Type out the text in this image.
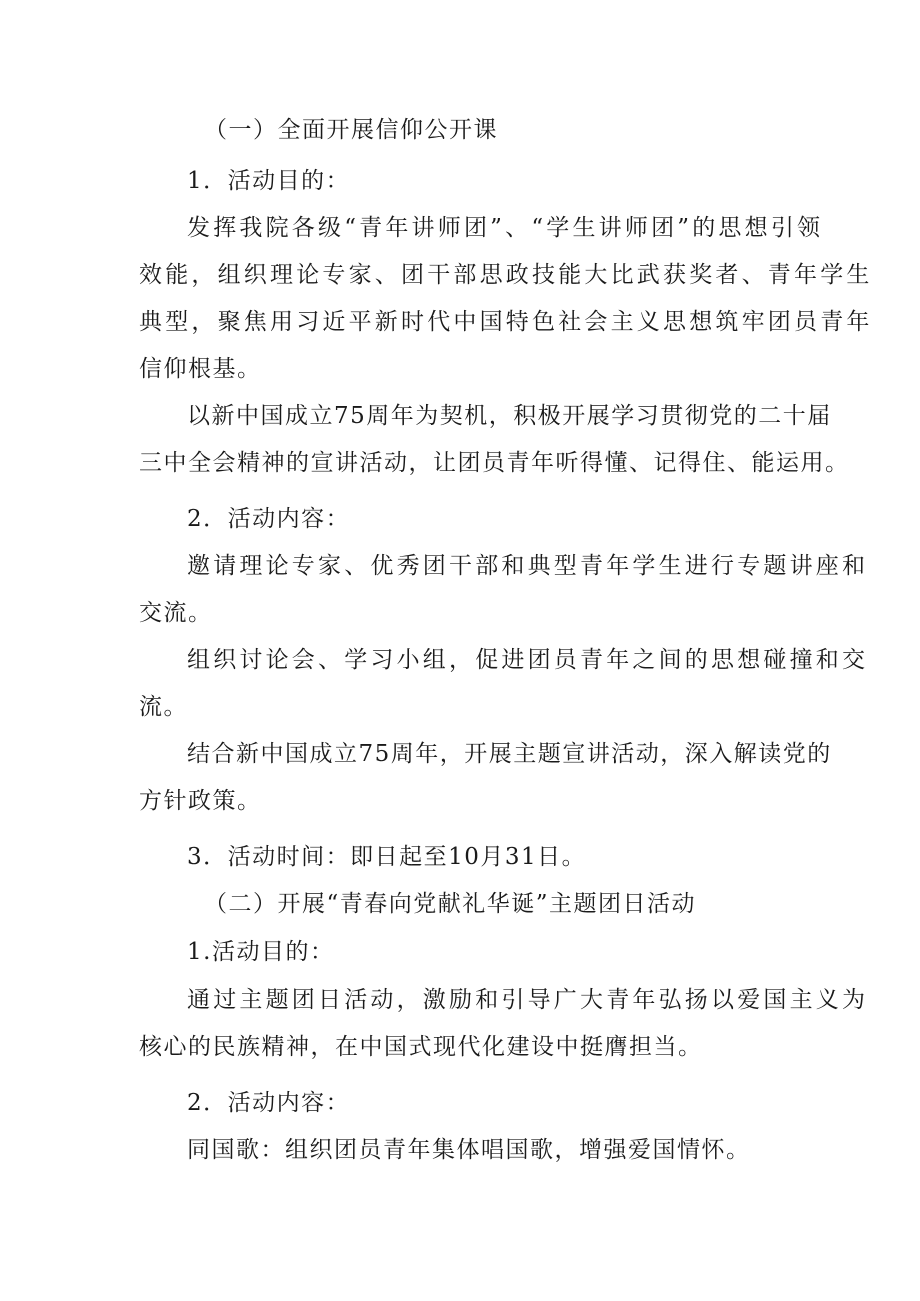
（一）全面开展信仰公开课
1．活动目的：
发挥我院各级“青年讲师团”、“学生讲师团”的思想引领
效能，组织理论专家、团干部思政技能大比武获奖者、青年学生
典型，聚焦用习近平新时代中国特色社会主义思想筑牢团员青年
信仰根基。
以新中国成立75周年为契机，积极开展学习贯彻党的二十届
三中全会精神的宣讲活动，让团员青年听得懂、记得住、能运用。
2．活动内容：
邀请理论专家、优秀团干部和典型青年学生进行专题讲座和
交流。
组织讨论会、学习小组，促进团员青年之间的思想碰撞和交
流。
结合新中国成立75周年，开展主题宣讲活动，深入解读党的
方针政策。
3．活动时间：即日起至10月31日。
（二）开展“青春向党献礼华诞”主题团日活动
1.活动目的：
通过主题团日活动，激励和引导广大青年弘扬以爱国主义为
核心的民族精神，在中国式现代化建设中挺膺担当。
2．活动内容：
同国歌：组织团员青年集体唱国歌，增强爱国情怀。
